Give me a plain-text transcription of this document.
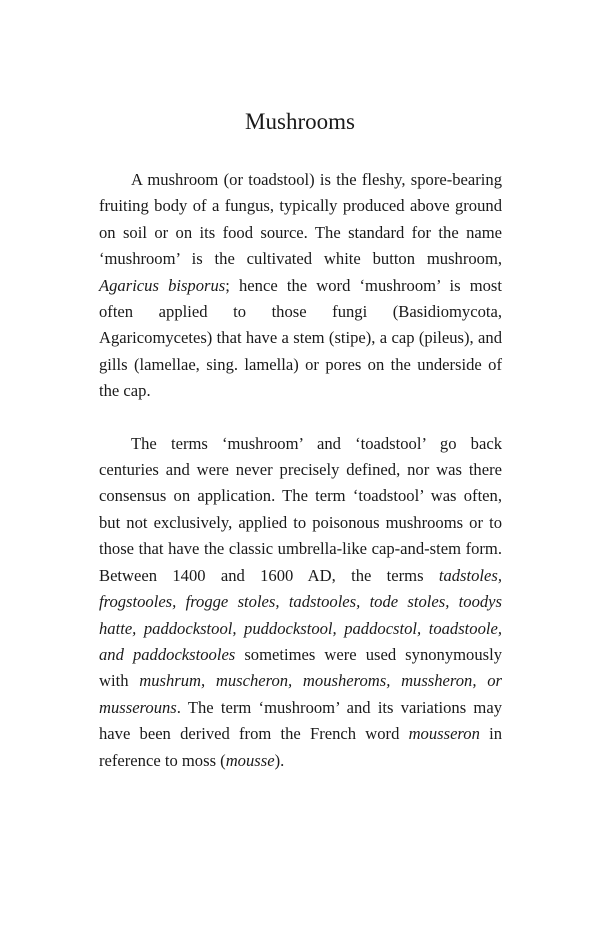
Mushrooms

A mushroom (or toadstool) is the fleshy, spore-bearing fruiting body of a fungus, typically produced above ground on soil or on its food source. The standard for the name ‘mushroom’ is the cultivated white button mushroom, Agaricus bisporus; hence the word ‘mushroom’ is most often applied to those fungi (Basidiomycota, Agaricomycetes) that have a stem (stipe), a cap (pileus), and gills (lamellae, sing. lamella) or pores on the underside of the cap.

The terms ‘mushroom’ and ‘toadstool’ go back centuries and were never precisely defined, nor was there consensus on application. The term ‘toadstool’ was often, but not exclusively, applied to poisonous mushrooms or to those that have the classic umbrella-like cap-and-stem form. Between 1400 and 1600 AD, the terms tadstoles, frogstooles, frogge stoles, tadstooles, tode stoles, toodys hatte, paddockstool, puddockstool, paddocstol, toadstoole, and paddockstooles sometimes were used synonymously with mushrum, muscheron, mousheroms, mussheron, or musserouns. The term ‘mushroom’ and its variations may have been derived from the French word mousseron in reference to moss (mousse).
